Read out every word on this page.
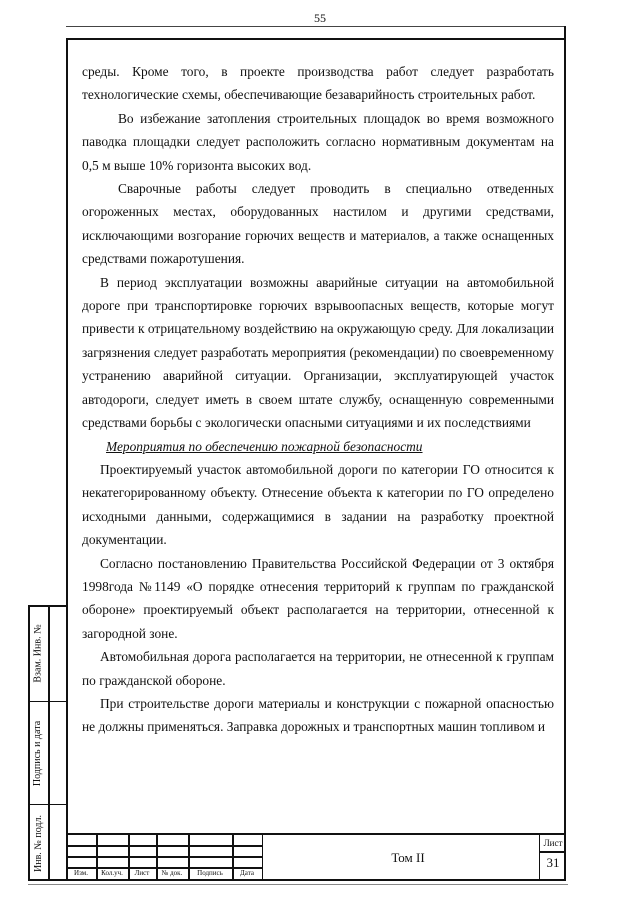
55
Взам. Инв. №
Подпись и дата
Инв. № подл.

среды. Кроме того, в проекте производства работ следует разработать технологические схемы, обеспечивающие безаварийность строительных работ.

Во избежание затопления строительных площадок во время возможного паводка площадки следует расположить согласно нормативным документам на 0,5 м выше 10% горизонта высоких вод.

Сварочные работы следует проводить в специально отведенных огороженных местах, оборудованных настилом и другими средствами, исключающими возгорание горючих веществ и материалов, а также оснащенных средствами пожаротушения.

В период эксплуатации возможны аварийные ситуации на автомобильной дороге при транспортировке горючих взрывоопасных веществ, которые могут привести к отрицательному воздействию на окружающую среду. Для локализации загрязнения следует разработать мероприятия (рекомендации) по своевременному устранению аварийной ситуации. Организации, эксплуатирующей участок автодороги, следует иметь в своем штате службу, оснащенную современными средствами борьбы с экологически опасными ситуациями и их последствиями

Мероприятия по обеспечению пожарной безопасности

Проектируемый участок автомобильной дороги по категории ГО относится к некатегорированному объекту. Отнесение объекта к категории по ГО определено исходными данными, содержащимися в задании на разработку проектной документации.

Согласно постановлению Правительства Российской Федерации от 3 октября 1998года №1149 «О порядке отнесения территорий к группам по гражданской обороне» проектируемый объект располагается на территории, отнесенной к загородной зоне.

Автомобильная дорога располагается на территории, не отнесенной к группам по гражданской обороне.

При строительстве дороги материалы и конструкции с пожарной опасностью не должны применяться. Заправка дорожных и транспортных машин топливом и

Изм.	Кол.уч.	Лист	№ док.	Подпись	Дата
Том II
Лист
31
